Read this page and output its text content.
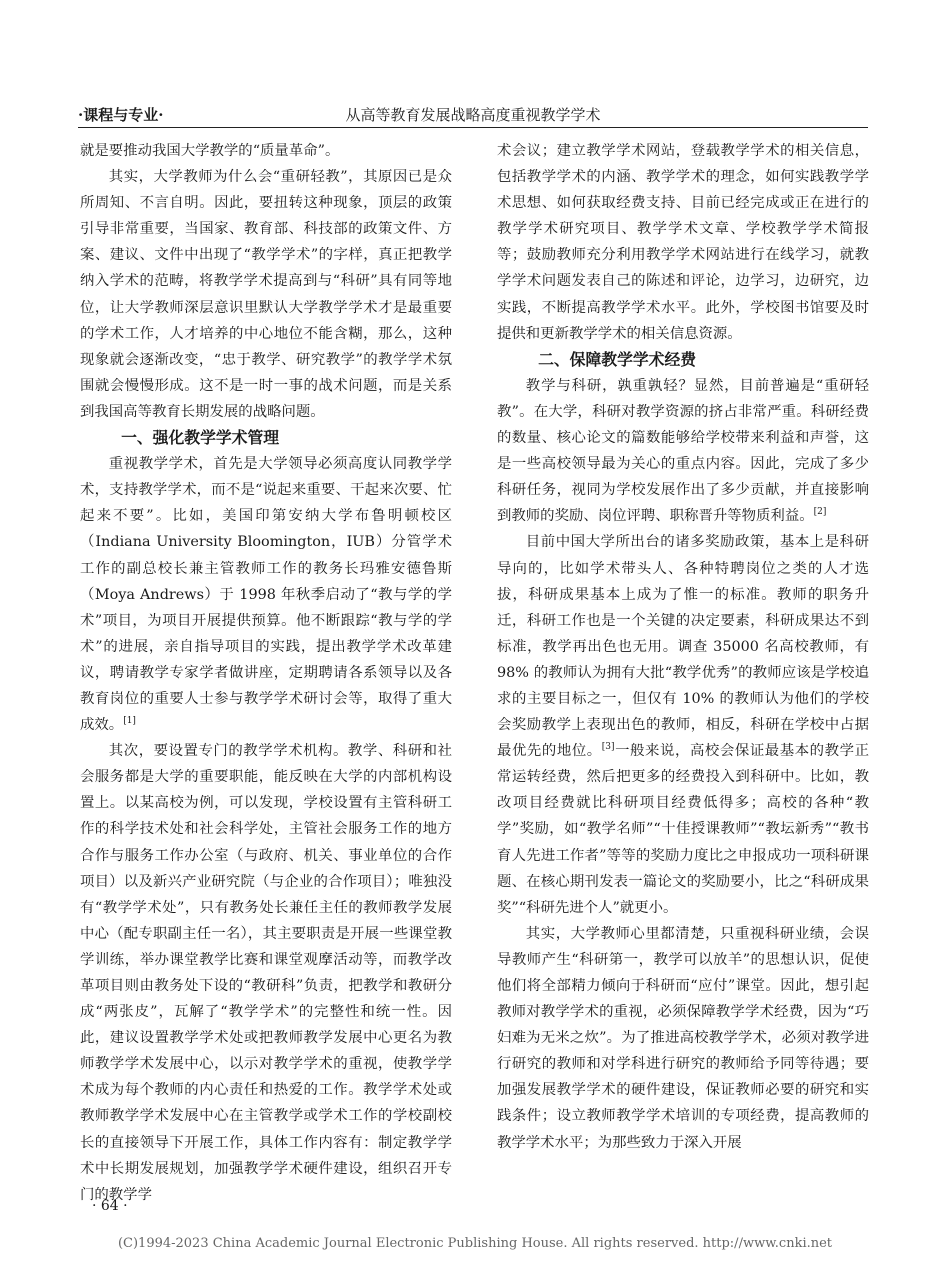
从高等教育发展战略高度重视教学学术
·课程与专业·

就是要推动我国大学教学的“质量革命”。

其实，大学教师为什么会“重研轻教”，其原因已是众所周知、不言自明。因此，要扭转这种现象，顶层的政策引导非常重要，当国家、教育部、科技部的政策文件、方案、建议、文件中出现了“教学学术”的字样，真正把教学纳入学术的范畴，将教学学术提高到与“科研”具有同等地位，让大学教师深层意识里默认大学教学学术才是最重要的学术工作，人才培养的中心地位不能含糊，那么，这种现象就会逐渐改变，“忠于教学、研究教学”的教学学术氛围就会慢慢形成。这不是一时一事的战术问题，而是关系到我国高等教育长期发展的战略问题。

一、强化教学学术管理

重视教学学术，首先是大学领导必须高度认同教学学术，支持教学学术，而不是“说起来重要、干起来次要、忙起来不要”。比如，美国印第安纳大学布鲁明顿校区（Indiana University Bloomington，IUB）分管学术工作的副总校长兼主管教师工作的教务长玛雅安德鲁斯（Moya Andrews）于 1998 年秋季启动了“教与学的学术”项目，为项目开展提供预算。他不断跟踪“教与学的学术”的进展，亲自指导项目的实践，提出教学学术改革建议，聘请教学专家学者做讲座，定期聘请各系领导以及各教育岗位的重要人士参与教学学术研讨会等，取得了重大成效。[1]

其次，要设置专门的教学学术机构。教学、科研和社会服务都是大学的重要职能，能反映在大学的内部机构设置上。以某高校为例，可以发现，学校设置有主管科研工作的科学技术处和社会科学处，主管社会服务工作的地方合作与服务工作办公室（与政府、机关、事业单位的合作项目）以及新兴产业研究院（与企业的合作项目）；唯独没有“教学学术处”，只有教务处长兼任主任的教师教学发展中心（配专职副主任一名），其主要职责是开展一些课堂教学训练，举办课堂教学比赛和课堂观摩活动等，而教学改革项目则由教务处下设的“教研科”负责，把教学和教研分成“两张皮”，瓦解了“教学学术”的完整性和统一性。因此，建议设置教学学术处或把教师教学发展中心更名为教师教学学术发展中心，以示对教学学术的重视，使教学学术成为每个教师的内心责任和热爱的工作。教学学术处或教师教学学术发展中心在主管教学或学术工作的学校副校长的直接领导下开展工作，具体工作内容有：制定教学学术中长期发展规划，加强教学学术硬件建设，组织召开专门的教学学

术会议；建立教学学术网站，登载教学学术的相关信息，包括教学学术的内涵、教学学术的理念，如何实践教学学术思想、如何获取经费支持、目前已经完成或正在进行的教学学术研究项目、教学学术文章、学校教学学术简报等；鼓励教师充分利用教学学术网站进行在线学习，就教学学术问题发表自己的陈述和评论，边学习，边研究，边实践，不断提高教学学术水平。此外，学校图书馆要及时提供和更新教学学术的相关信息资源。

二、保障教学学术经费

教学与科研，孰重孰轻？显然，目前普遍是“重研轻教”。在大学，科研对教学资源的挤占非常严重。科研经费的数量、核心论文的篇数能够给学校带来利益和声誉，这是一些高校领导最为关心的重点内容。因此，完成了多少科研任务，视同为学校发展作出了多少贡献，并直接影响到教师的奖励、岗位评聘、职称晋升等物质利益。[2]

目前中国大学所出台的诸多奖励政策，基本上是科研导向的，比如学术带头人、各种特聘岗位之类的人才选拔，科研成果基本上成为了惟一的标准。教师的职务升迁，科研工作也是一个关键的决定要素，科研成果达不到标准，教学再出色也无用。调查 35000 名高校教师，有 98% 的教师认为拥有大批“教学优秀”的教师应该是学校追求的主要目标之一，但仅有 10% 的教师认为他们的学校会奖励教学上表现出色的教师，相反，科研在学校中占据最优先的地位。[3]一般来说，高校会保证最基本的教学正常运转经费，然后把更多的经费投入到科研中。比如，教改项目经费就比科研项目经费低得多；高校的各种“教学”奖励，如“教学名师”“十佳授课教师”“教坛新秀”“教书育人先进工作者”等等的奖励力度比之申报成功一项科研课题、在核心期刊发表一篇论文的奖励要小，比之“科研成果奖”“科研先进个人”就更小。

其实，大学教师心里都清楚，只重视科研业绩，会误导教师产生“科研第一，教学可以放羊”的思想认识，促使他们将全部精力倾向于科研而“应付”课堂。因此，想引起教师对教学学术的重视，必须保障教学学术经费，因为“巧妇难为无米之炊”。为了推进高校教学学术，必须对教学进行研究的教师和对学科进行研究的教师给予同等待遇；要加强发展教学学术的硬件建设，保证教师必要的研究和实践条件；设立教师教学学术培训的专项经费，提高教师的教学学术水平；为那些致力于深入开展

· 64 ·
(C)1994-2023 China Academic Journal Electronic Publishing House. All rights reserved. http://www.cnki.net
